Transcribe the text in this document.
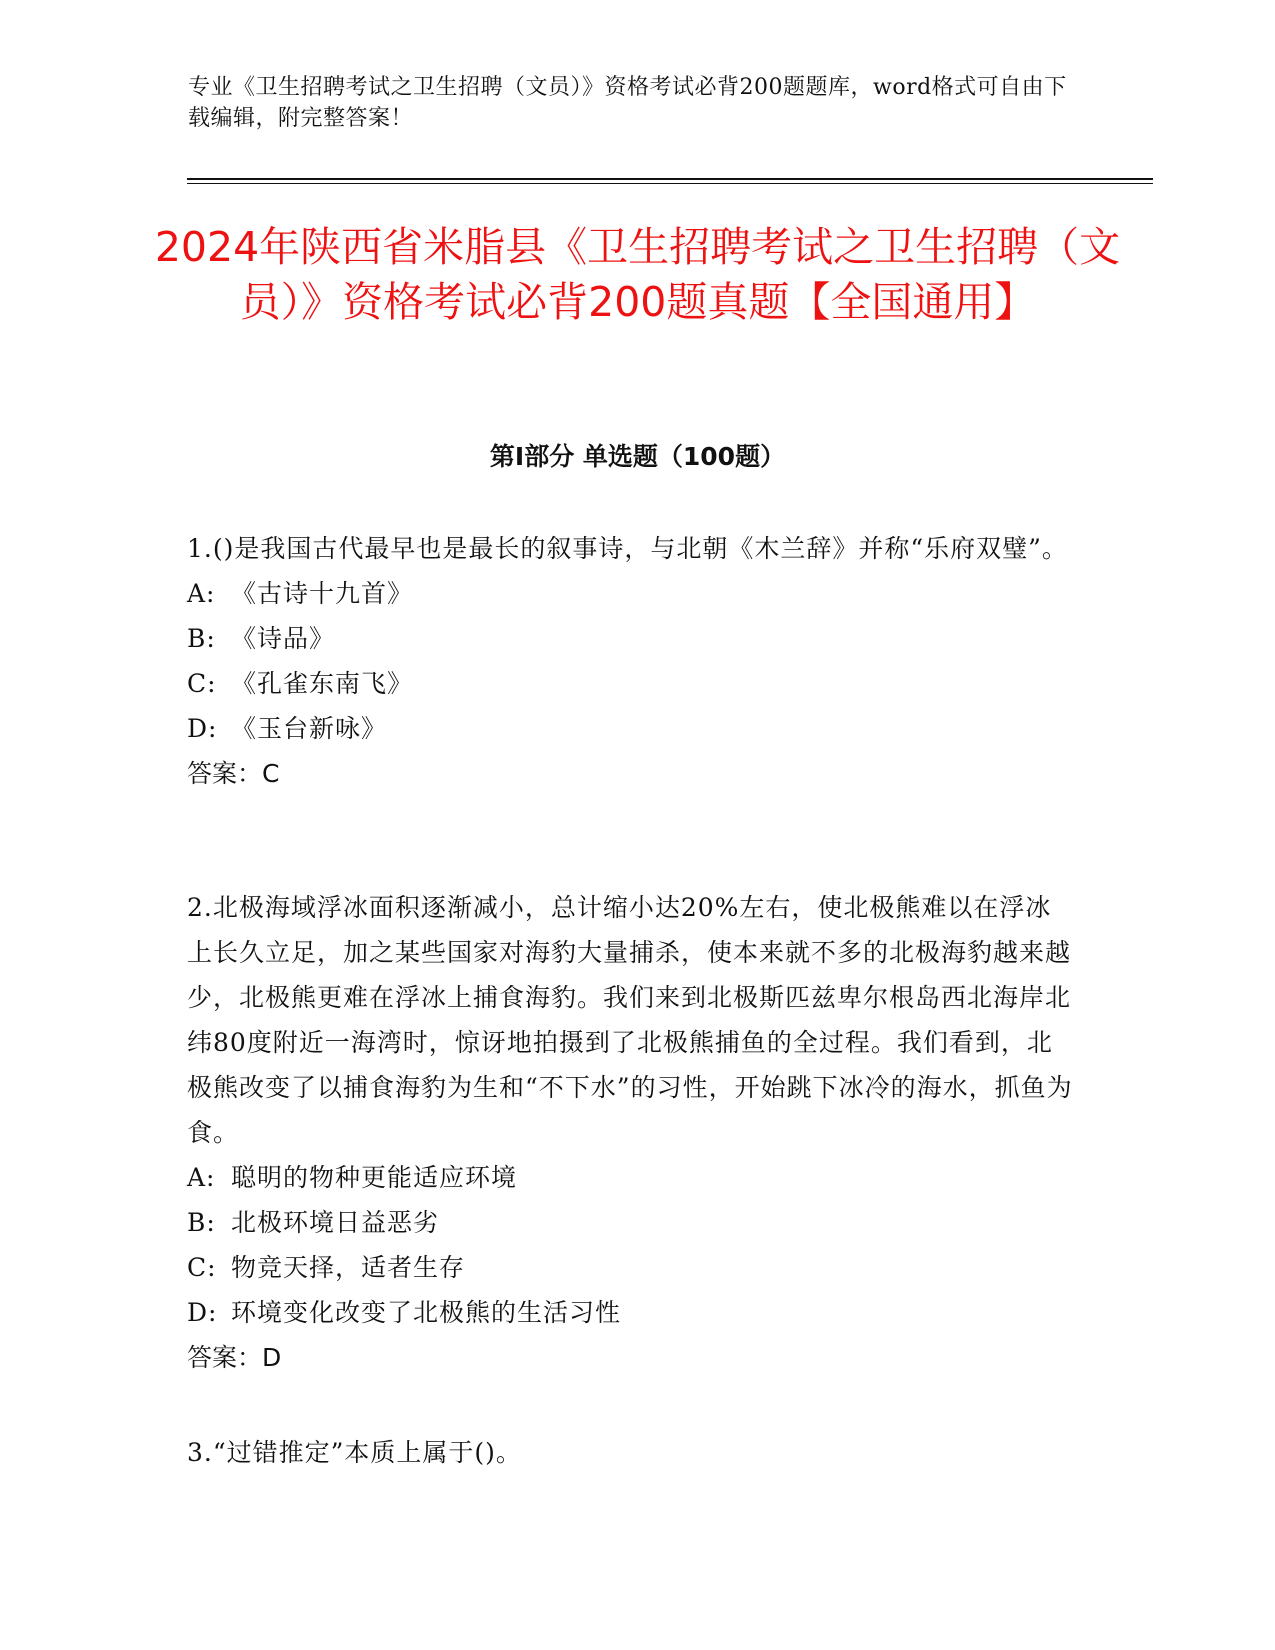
专业《卫生招聘考试之卫生招聘（文员）》资格考试必背200题题库，word格式可自由下载编辑，附完整答案！
2024年陕西省米脂县《卫生招聘考试之卫生招聘（文员）》资格考试必背200题真题【全国通用】
第I部分 单选题（100题）

1.()是我国古代最早也是最长的叙事诗，与北朝《木兰辞》并称“乐府双璧”。

A: 《古诗十九首》

B: 《诗品》

C: 《孔雀东南飞》

D: 《玉台新咏》

答案：C

2.北极海域浮冰面积逐渐减小，总计缩小达20%左右，使北极熊难以在浮冰上长久立足，加之某些国家对海豹大量捕杀，使本来就不多的北极海豹越来越少，北极熊更难在浮冰上捕食海豹。我们来到北极斯匹兹卑尔根岛西北海岸北纬80度附近一海湾时，惊讶地拍摄到了北极熊捕鱼的全过程。我们看到，北极熊改变了以捕食海豹为生和“不下水”的习性，开始跳下冰冷的海水，抓鱼为食。

A: 聪明的物种更能适应环境

B: 北极环境日益恶劣

C: 物竞天择，适者生存

D: 环境变化改变了北极熊的生活习性

答案：D

3.“过错推定”本质上属于()。
